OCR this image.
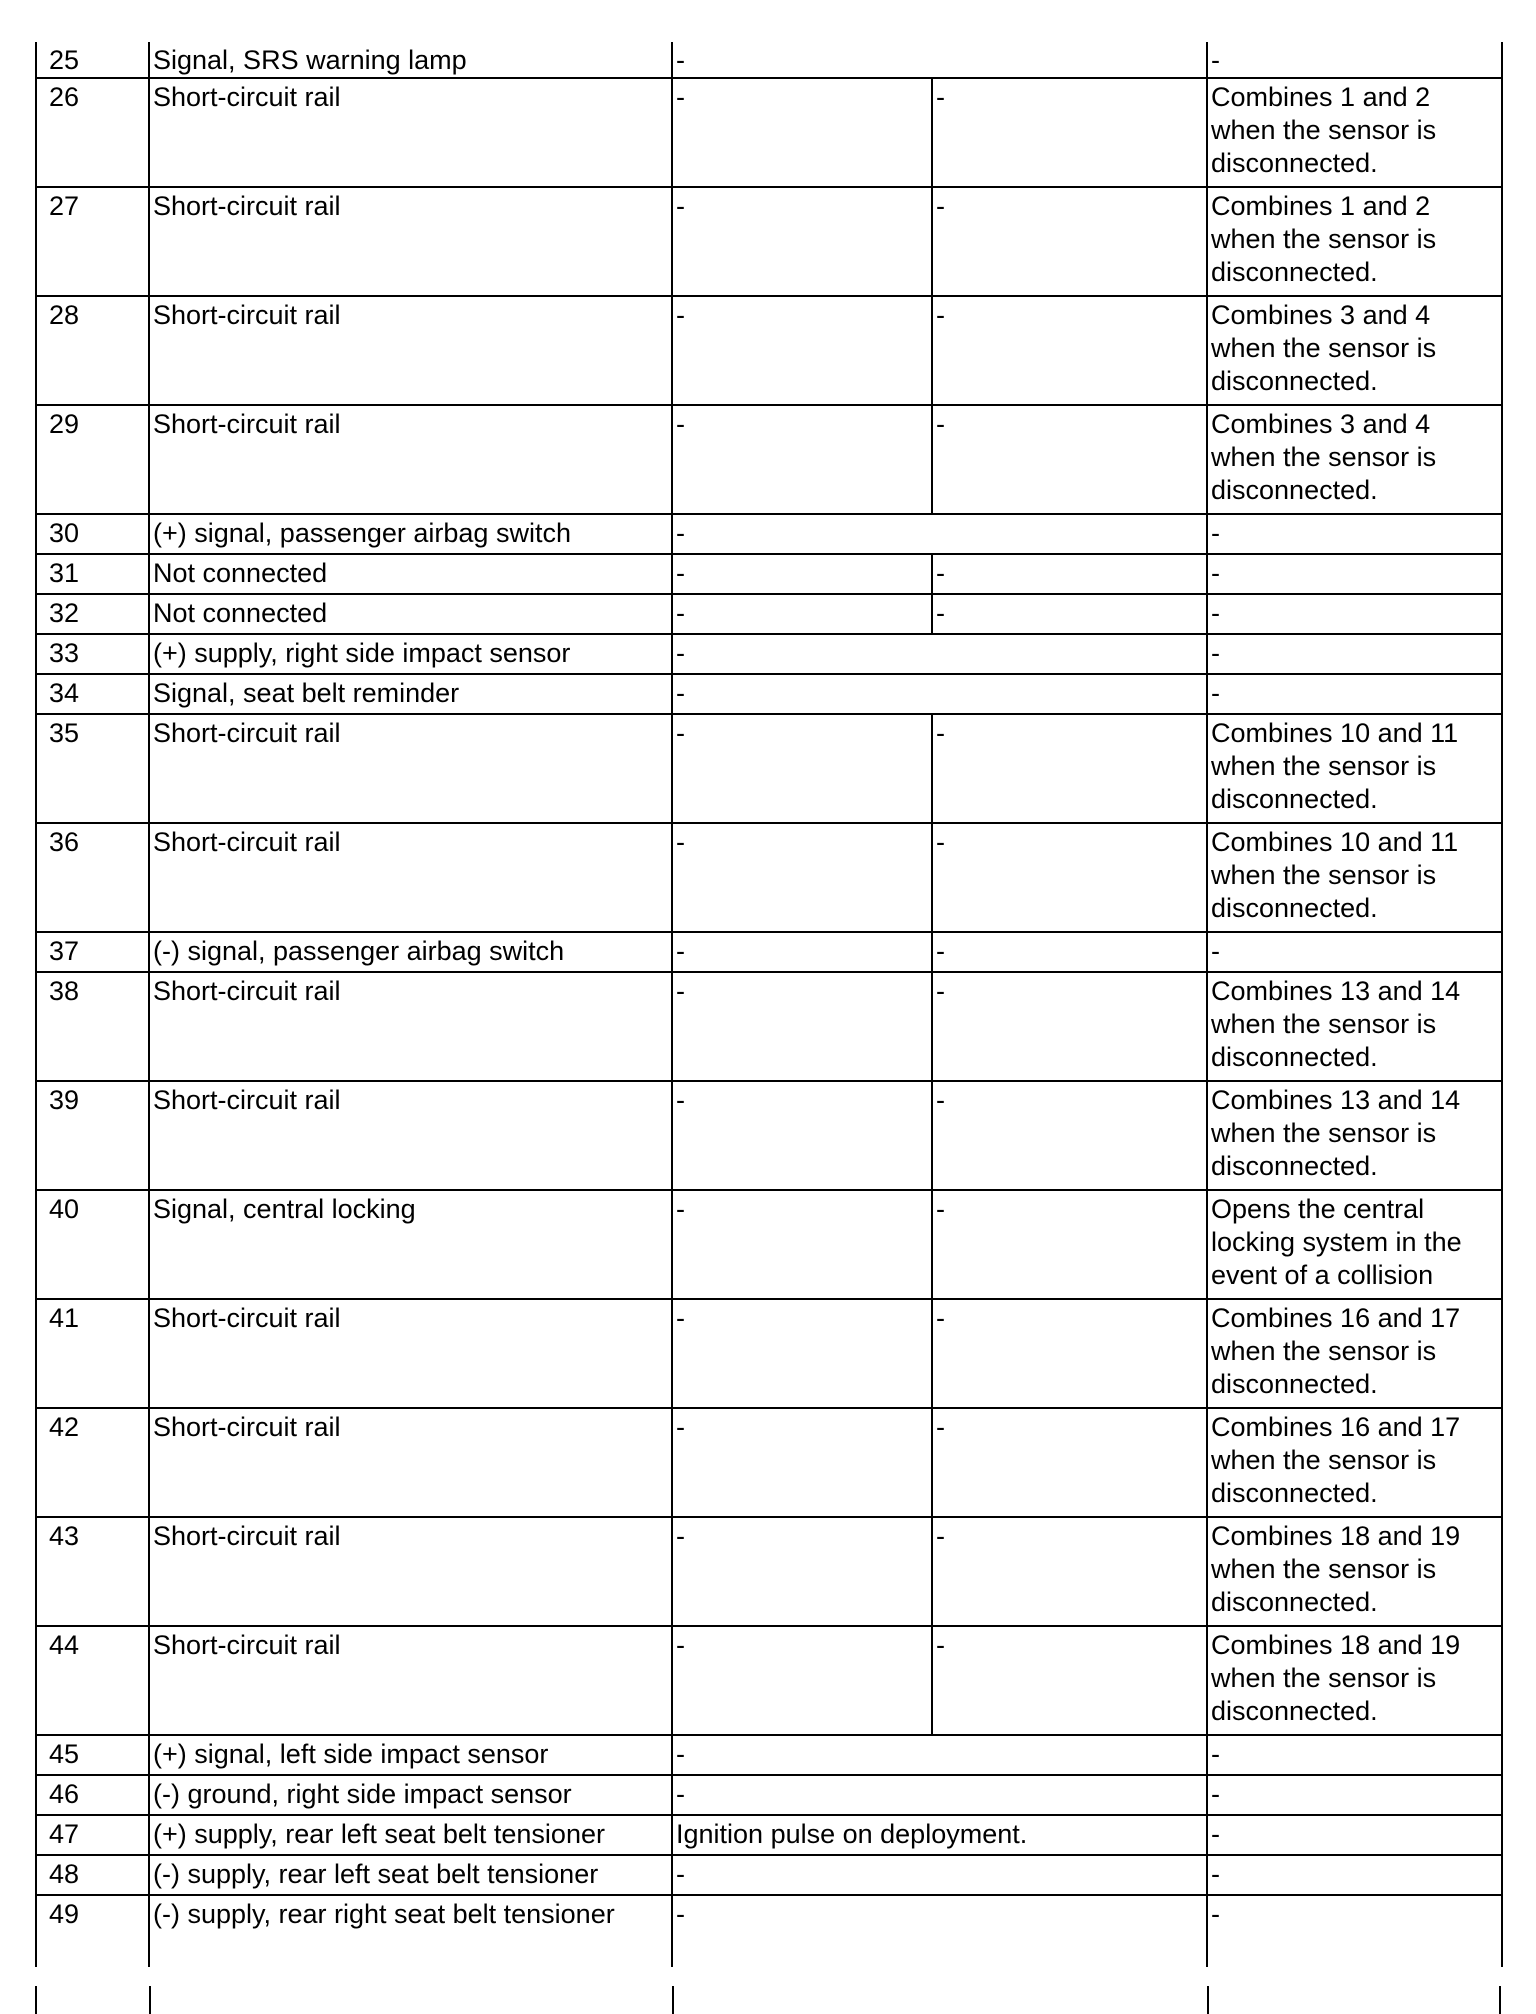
25	Signal, SRS warning lamp	-		-
26	Short-circuit rail	-	-	Combines 1 and 2 when the sensor is disconnected.
27	Short-circuit rail	-	-	Combines 1 and 2 when the sensor is disconnected.
28	Short-circuit rail	-	-	Combines 3 and 4 when the sensor is disconnected.
29	Short-circuit rail	-	-	Combines 3 and 4 when the sensor is disconnected.
30	(+) signal, passenger airbag switch	-		-
31	Not connected	-	-	-
32	Not connected	-	-	-
33	(+) supply, right side impact sensor	-		-
34	Signal, seat belt reminder	-		-
35	Short-circuit rail	-	-	Combines 10 and 11 when the sensor is disconnected.
36	Short-circuit rail	-	-	Combines 10 and 11 when the sensor is disconnected.
37	(-) signal, passenger airbag switch	-	-	-
38	Short-circuit rail	-	-	Combines 13 and 14 when the sensor is disconnected.
39	Short-circuit rail	-	-	Combines 13 and 14 when the sensor is disconnected.
40	Signal, central locking	-	-	Opens the central locking system in the event of a collision
41	Short-circuit rail	-	-	Combines 16 and 17 when the sensor is disconnected.
42	Short-circuit rail	-	-	Combines 16 and 17 when the sensor is disconnected.
43	Short-circuit rail	-	-	Combines 18 and 19 when the sensor is disconnected.
44	Short-circuit rail	-	-	Combines 18 and 19 when the sensor is disconnected.
45	(+) signal, left side impact sensor	-		-
46	(-) ground, right side impact sensor	-		-
47	(+) supply, rear left seat belt tensioner	Ignition pulse on deployment.		-
48	(-) supply, rear left seat belt tensioner	-		-
49	(-) supply, rear right seat belt tensioner	-		-
